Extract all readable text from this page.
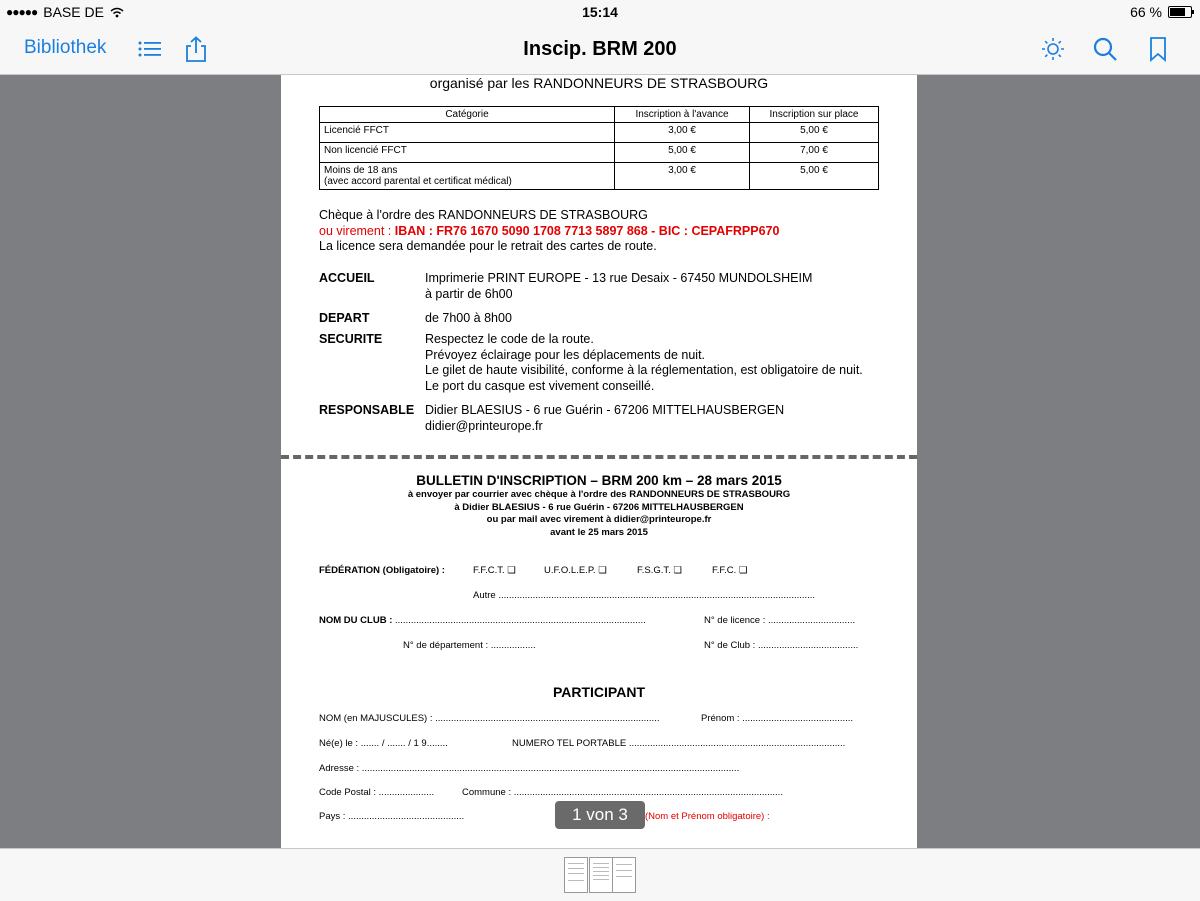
●●●●● BASE DE	15:14	66 %
Bibliothek	Inscip. BRM 200
organisé par les RANDONNEURS DE STRASBOURG
Catégorie	Inscription à l'avance	Inscription sur place
Licencié FFCT	3,00 €	5,00 €
Non licencié FFCT	5,00 €	7,00 €

Moins de 18 ans
(avec accord parental et certificat médical)	3,00 €	5,00 €
Chèque à l'ordre des RANDONNEURS DE STRASBOURG
ou virement : IBAN : FR76 1670 5090 1708 7713 5897 868 - BIC : CEPAFRPP670
La licence sera demandée pour le retrait des cartes de route.
ACCUEIL	Imprimerie PRINT EUROPE - 13 rue Desaix - 67450 MUNDOLSHEIM
à partir de 6h00
DEPART	de 7h00 à 8h00
SECURITE	Respectez le code de la route.
Prévoyez éclairage pour les déplacements de nuit.
Le gilet de haute visibilité, conforme à la réglementation, est obligatoire de nuit.
Le port du casque est vivement conseillé.
RESPONSABLE Didier BLAESIUS - 6 rue Guérin - 67206 MITTELHAUSBERGEN
didier@printeurope.fr
BULLETIN D'INSCRIPTION – BRM 200 km – 28 mars 2015
à envoyer par courrier avec chèque à l'ordre des RANDONNEURS DE STRASBOURG
à Didier BLAESIUS - 6 rue Guérin - 67206 MITTELHAUSBERGEN
ou par mail avec virement à didier@printeurope.fr
avant le 25 mars 2015
FÉDÉRATION (Obligatoire) :	F.F.C.T. ❏	U.F.O.L.E.P. ❏	F.S.G.T. ❏	F.F.C. ❏
Autre ........................................................................................................................
NOM DU CLUB : ...............................................................................................	N° de licence : .................................
N° de département : .................	N° de Club : ......................................
PARTICIPANT
NOM (en MAJUSCULES) : .....................................................................................	Prénom : ..........................................
Né(e) le : ....... / ....... / 1 9........	NUMERO TEL PORTABLE ..................................................................................
Adresse : ...............................................................................................................................................
Code Postal : .....................	Commune : ......................................................................................................
Pays : ............................................	(Nom et Prénom obligatoire) :
1 von 3
